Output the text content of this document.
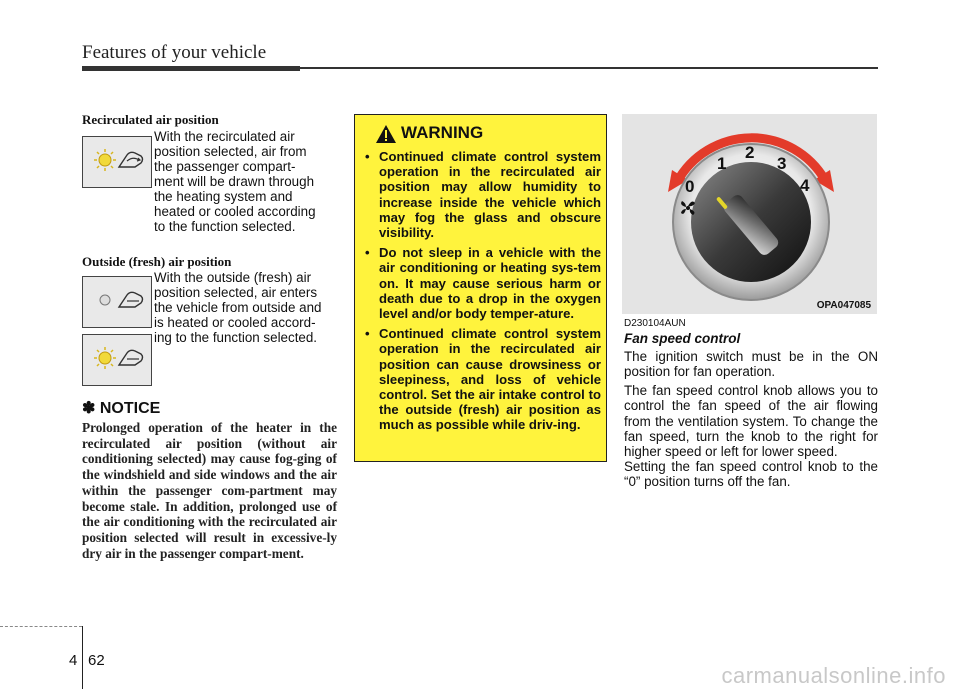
Features of your vehicle
Recirculated air position
With the recirculated air
position selected, air from
the passenger compart-
ment will be drawn through
the heating system and
heated or cooled according
to the function selected.
Outside (fresh) air position
With the outside (fresh) air
position selected, air enters
the vehicle from outside and
is heated or cooled accord-
ing to the function selected.
✽ NOTICE
Prolonged operation of the heater in the recirculated air position (without air conditioning selected) may cause fog-ging of the windshield and side windows and the air within the passenger com-partment may become stale. In addition, prolonged use of the air conditioning with the recirculated air position selected will result in excessive-ly dry air in the passenger compart-ment.
WARNING
• Continued climate control system operation in the recirculated air position may allow humidity to increase inside the vehicle which may fog the glass and obscure visibility.
• Do not sleep in a vehicle with the air conditioning or heating sys-tem on. It may cause serious harm or death due to a drop in the oxygen level and/or body temper-ature.
• Continued climate control system operation in the recirculated air position can cause drowsiness or sleepiness, and loss of vehicle control. Set the air intake control to the outside (fresh) air position as much as possible while driv-ing.
0
1
2
3
4
OPA047085
D230104AUN
Fan speed control
The ignition switch must be in the ON position for fan operation.
The fan speed control knob allows you to control the fan speed of the air flowing from the ventilation system. To change the fan speed, turn the knob to the right for higher speed or left for lower speed.
Setting the fan speed control knob to the “0” position turns off the fan.
4 62
carmanualsonline.info
